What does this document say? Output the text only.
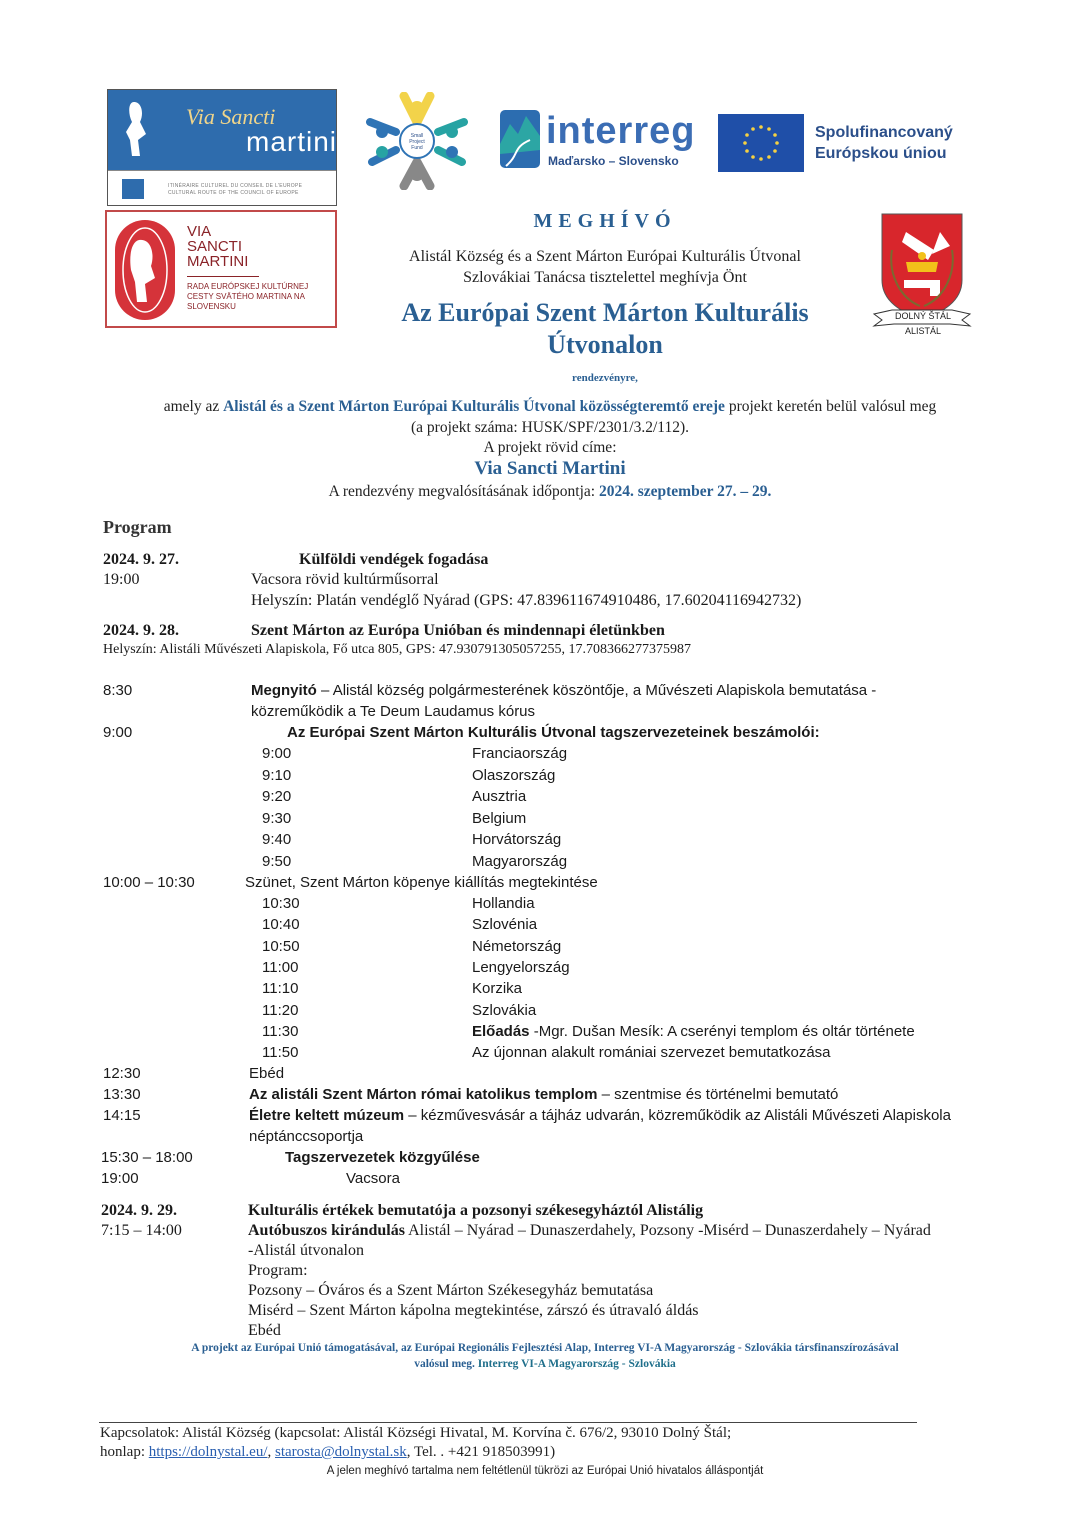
Via Sancti
martini
ITINÉRAIRE CULTUREL DU CONSEIL DE L'EUROPE
CULTURAL ROUTE OF THE COUNCIL OF EUROPE
Small
Project
Fund	interreg
Maďarsko – Slovensko
Spolufinancovaný
Európskou úniou
VIA
SANCTI
MARTINI
RADA EURÓPSKEJ KULTÚRNEJ
CESTY SVÄTÉHO MARTINA NA
SLOVENSKU
DOLNÝ ŠTÁL
ALISTÁL
MEGHÍVÓ
Alistál Község és a Szent Márton Európai Kulturális Útvonal
Szlovákiai Tanácsa tisztelettel meghívja Önt
Az Európai Szent Márton Kulturális
Útvonalon
rendezvényre,
amely az Alistál és a Szent Márton Európai Kulturális Útvonal közösségteremtő ereje projekt keretén belül valósul meg
(a projekt száma: HUSK/SPF/2301/3.2/112).
A projekt rövid címe:
Via Sancti Martini
A rendezvény megvalósításának időpontja: 2024. szeptember 27. – 29.
Program
2024. 9. 27.	Külföldi vendégek fogadása
19:00	Vacsora rövid kultúrműsorral
Helyszín: Platán vendéglő Nyárad (GPS: 47.839611674910486, 17.60204116942732)
2024. 9. 28.	Szent Márton az Európa Unióban és mindennapi életünkben
Helyszín: Alistáli Művészeti Alapiskola, Fő utca 805, GPS: 47.930791305057255, 17.708366277375987
8:30	Megnyitó – Alistál község polgármesterének köszöntője, a Művészeti Alapiskola bemutatása -
közreműködik a Te Deum Laudamus kórus
9:00	Az Európai Szent Márton Kulturális Útvonal tagszervezeteinek beszámolói:
9:00	Franciaország
9:10	Olaszország
9:20	Ausztria
9:30	Belgium
9:40	Horvátország
9:50	Magyarország
10:00 – 10:30	Szünet, Szent Márton köpenye kiállítás megtekintése
10:30	Hollandia
10:40	Szlovénia
10:50	Németország
11:00	Lengyelország
11:10	Korzika
11:20	Szlovákia
11:30	Előadás -Mgr. Dušan Mesík: A cserényi templom és oltár története
11:50	Az újonnan alakult romániai szervezet bemutatkozása
12:30	Ebéd
13:30	Az alistáli Szent Márton római katolikus templom – szentmise és történelmi bemutató
14:15	Életre keltett múzeum – kézművesvásár a tájház udvarán, közreműködik az Alistáli Művészeti Alapiskola
néptánccsoportja
15:30 – 18:00	Tagszervezetek közgyűlése
19:00	Vacsora
2024. 9. 29.	Kulturális értékek bemutatója a pozsonyi székesegyháztól Alistálig
7:15 – 14:00	Autóbuszos kirándulás Alistál – Nyárad – Dunaszerdahely, Pozsony -Misérd – Dunaszerdahely – Nyárad
-Alistál útvonalon
Program:
Pozsony – Óváros és a Szent Márton Székesegyház bemutatása
Misérd – Szent Márton kápolna megtekintése, zárszó és útravaló áldás
Ebéd
A projekt az Európai Unió támogatásával, az Európai Regionális Fejlesztési Alap, Interreg VI-A Magyarország - Szlovákia társfinanszírozásával
valósul meg. Interreg VI-A Magyarország - Szlovákia
Kapcsolatok: Alistál Község (kapcsolat: Alistál Községi Hivatal, M. Korvína č. 676/2, 93010 Dolný Štál;
honlap: https://dolnystal.eu/, starosta@dolnystal.sk, Tel. . +421 918503991)
A jelen meghívó tartalma nem feltétlenül tükrözi az Európai Unió hivatalos álláspontját
